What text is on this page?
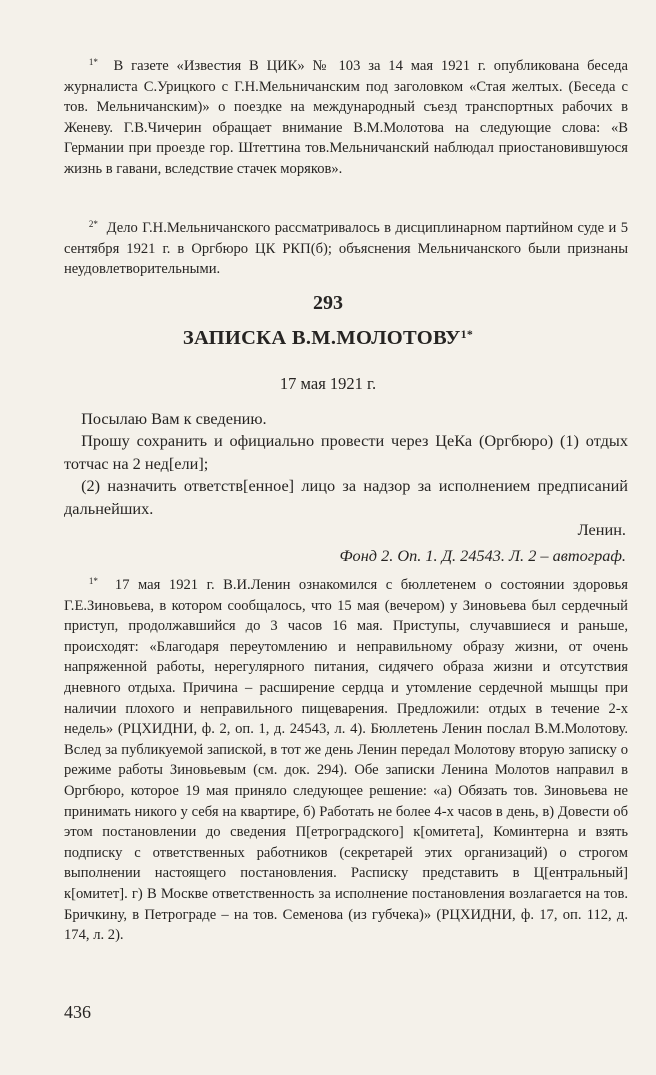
$^{1*}$ В газете «Известия В ЦИК» № 103 за 14 мая 1921 г. опубликована беседа журналиста С.Урицкого с Г.Н.Мельничанским под заголовком «Стая желтых. (Беседа с тов. Мельничанским)» о поездке на международный съезд транспортных рабочих в Женеву. Г.В.Чичерин обращает внимание В.М.Молотова на следующие слова: «В Германии при проезде гор. Штеттина тов.Мельничанский наблюдал приостановившуюся жизнь в гавани, вследствие стачек моряков».

$^{2*}$ Дело Г.Н.Мельничанского рассматривалось в дисциплинарном партийном суде и 5 сентября 1921 г. в Оргбюро ЦК РКП(б); объяснения Мельничанского были признаны неудовлетворительными.

293

ЗАПИСКА $В.М.МОЛОТОВУ^{1*}$

17 мая 1921 г.

Посылаю Вам к сведению.

Прошу сохранить и официально провести через ЦеКа (Оргбюро) (1) отдых тотчас на 2 нед[ели];

(2) назначить ответств[енное] лицо за надзор за исполнением предписаний дальнейших.

Ленин.

Фонд 2. Оп. 1. Д. 24543. Л. 2 – автограф.

$^{1*}$ 17 мая 1921 г. В.И.Ленин ознакомился с бюллетенем о состоянии здоровья Г.Е.Зиновьева, в котором сообщалось, что 15 мая (вечером) у Зиновьева был сердечный приступ, продолжавшийся до 3 часов 16 мая. Приступы, случавшиеся и раньше, происходят: «Благодаря переутомлению и неправильному образу жизни, от очень напряженной работы, нерегулярного питания, сидячего образа жизни и отсутствия дневного отдыха. Причина – расширение сердца и утомление сердечной мышцы при наличии плохого и неправильного пищеварения. Предложили: отдых в течение 2-х недель» (РЦХИДНИ, ф. 2, оп. 1, д. 24543, л. 4). Бюллетень Ленин послал В.М.Молотову. Вслед за публикуемой запиской, в тот же день Ленин передал Молотову вторую записку о режиме работы Зиновьевым (см. док. 294). Обе записки Ленина Молотов направил в Оргбюро, которое 19 мая приняло следующее решение: «а) Обязать тов. Зиновьева не принимать никого у себя на квартире, б) Работать не более 4-х часов в день, в) Довести об этом постановлении до сведения П[етроградского] к[омитета], Коминтерна и взять подписку с ответственных работников (секретарей этих организаций) о строгом выполнении настоящего постановления. Расписку представить в Ц[ентральный] к[омитет]. г) В Москве ответственность за исполнение постановления возлагается на тов. Бричкину, в Петрограде – на тов. Семенова (из губчека)» (РЦХИДНИ, ф. 17, оп. 112, д. 174, л. 2).

436
